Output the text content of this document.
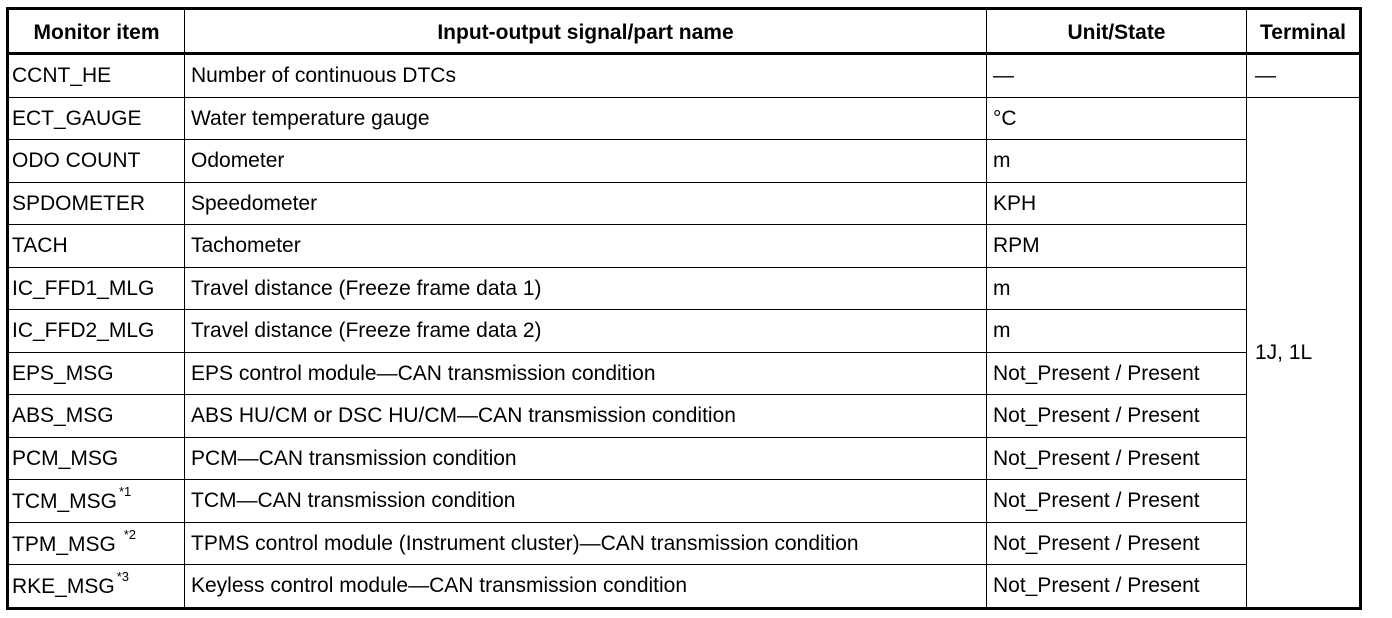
Monitor item	Input-output signal/part name	Unit/State	Terminal
CCNT_HE	Number of continuous DTCs	—	—
ECT_GAUGE	Water temperature gauge	°C	1J, 1L
ODO COUNT	Odometer	m	
SPDOMETER	Speedometer	KPH	
TACH	Tachometer	RPM	
IC_FFD1_MLG	Travel distance (Freeze frame data 1)	m	
IC_FFD2_MLG	Travel distance (Freeze frame data 2)	m	
EPS_MSG	EPS control module—CAN transmission condition	Not_Present / Present	
ABS_MSG	ABS HU/CM or DSC HU/CM—CAN transmission condition	Not_Present / Present	
PCM_MSG	PCM—CAN transmission condition	Not_Present / Present	
TCM_MSG $^{*1}$	TCM—CAN transmission condition	Not_Present / Present	
TPM_MSG $^{*2}$	TPMS control module (Instrument cluster)—CAN transmission condition	Not_Present / Present	
RKE_MSG $^{*3}$	Keyless control module—CAN transmission condition	Not_Present / Present	
